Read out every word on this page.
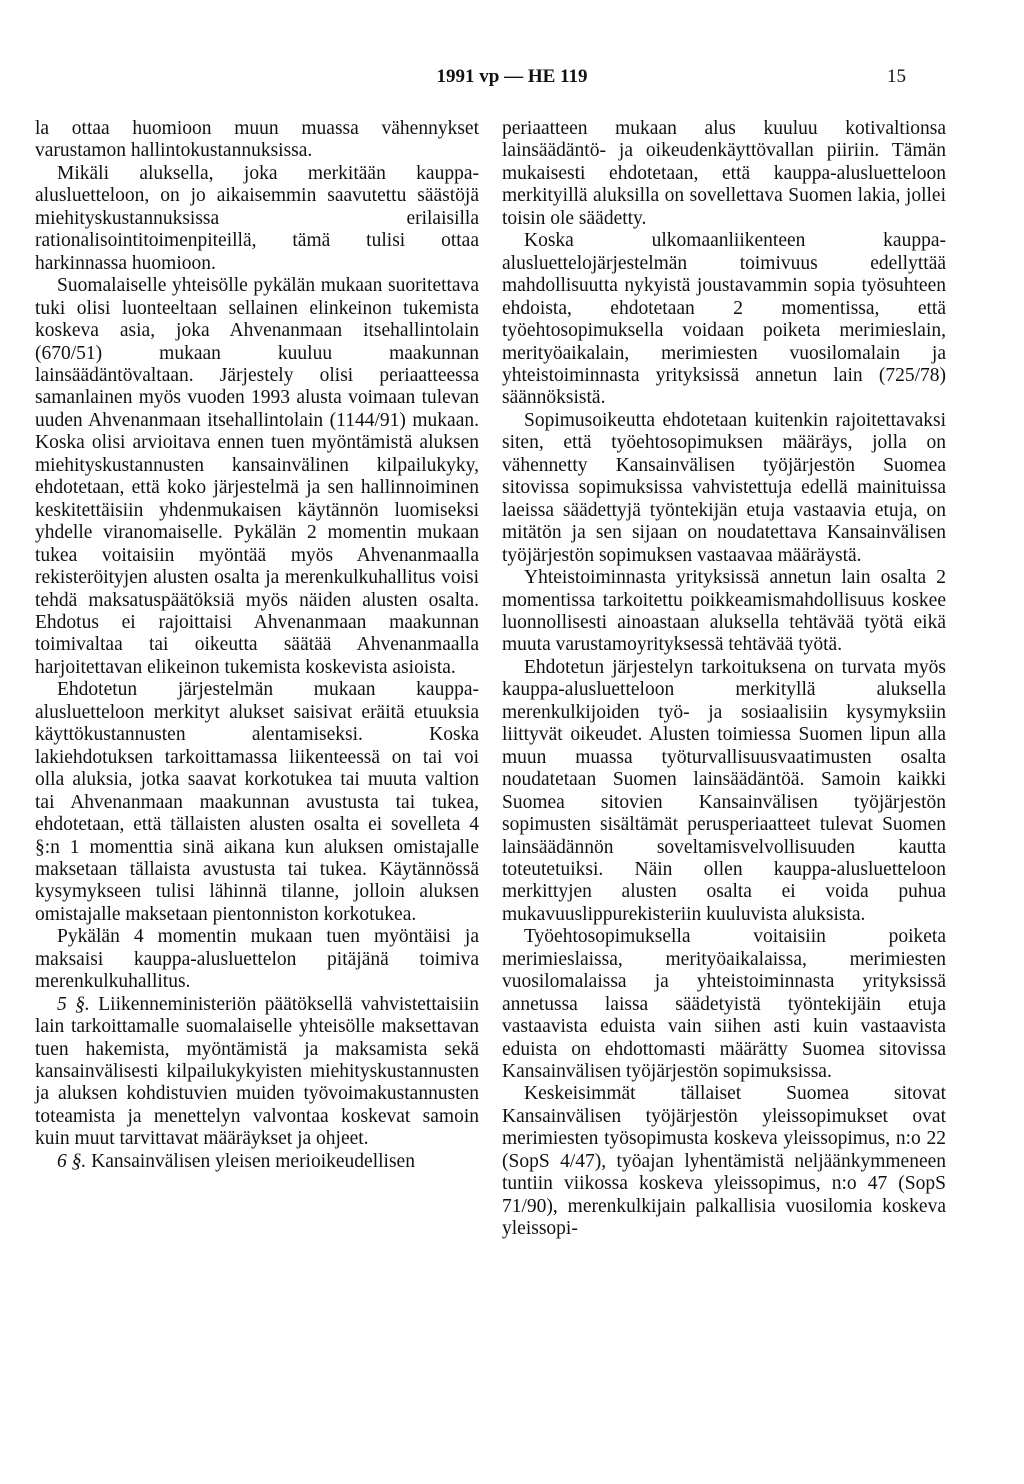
1991 vp — HE 119	15

la ottaa huomioon muun muassa vähennykset varustamon hallintokustannuksissa.

Mikäli aluksella, joka merkitään kauppa-alusluetteloon, on jo aikaisemmin saavutettu säästöjä miehityskustannuksissa erilaisilla rationalisointitoimenpiteillä, tämä tulisi ottaa harkinnassa huomioon.

Suomalaiselle yhteisölle pykälän mukaan suoritettava tuki olisi luonteeltaan sellainen elinkeinon tukemista koskeva asia, joka Ahvenanmaan itsehallintolain (670/51) mukaan kuuluu maakunnan lainsäädäntövaltaan. Järjestely olisi periaatteessa samanlainen myös vuoden 1993 alusta voimaan tulevan uuden Ahvenanmaan itsehallintolain (1144/91) mukaan. Koska olisi arvioitava ennen tuen myöntämistä aluksen miehityskustannusten kansainvälinen kilpailukyky, ehdotetaan, että koko järjestelmä ja sen hallinnoiminen keskitettäisiin yhdenmukaisen käytännön luomiseksi yhdelle viranomaiselle. Pykälän 2 momentin mukaan tukea voitaisiin myöntää myös Ahvenanmaalla rekisteröityjen alusten osalta ja merenkulkuhallitus voisi tehdä maksatuspäätöksiä myös näiden alusten osalta. Ehdotus ei rajoittaisi Ahvenanmaan maakunnan toimivaltaa tai oikeutta säätää Ahvenanmaalla harjoitettavan elikeinon tukemista koskevista asioista.

Ehdotetun järjestelmän mukaan kauppa-alusluetteloon merkityt alukset saisivat eräitä etuuksia käyttökustannusten alentamiseksi. Koska lakiehdotuksen tarkoittamassa liikenteessä on tai voi olla aluksia, jotka saavat korkotukea tai muuta valtion tai Ahvenanmaan maakunnan avustusta tai tukea, ehdotetaan, että tällaisten alusten osalta ei sovelleta 4 §:n 1 momenttia sinä aikana kun aluksen omistajalle maksetaan tällaista avustusta tai tukea. Käytännössä kysymykseen tulisi lähinnä tilanne, jolloin aluksen omistajalle maksetaan pientonniston korkotukea.

Pykälän 4 momentin mukaan tuen myöntäisi ja maksaisi kauppa-alusluettelon pitäjänä toimiva merenkulkuhallitus.

5 §. Liikenneministeriön päätöksellä vahvistettaisiin lain tarkoittamalle suomalaiselle yhteisölle maksettavan tuen hakemista, myöntämistä ja maksamista sekä kansainvälisesti kilpailukykyisten miehityskustannusten ja aluksen kohdistuvien muiden työvoimakustannusten toteamista ja menettelyn valvontaa koskevat samoin kuin muut tarvittavat määräykset ja ohjeet.

6 §. Kansainvälisen yleisen merioikeudellisen

periaatteen mukaan alus kuuluu kotivaltionsa lainsäädäntö- ja oikeudenkäyttövallan piiriin. Tämän mukaisesti ehdotetaan, että kauppa-alusluetteloon merkityillä aluksilla on sovellettava Suomen lakia, jollei toisin ole säädetty.

Koska ulkomaanliikenteen kauppa-alusluettelojärjestelmän toimivuus edellyttää mahdollisuutta nykyistä joustavammin sopia työsuhteen ehdoista, ehdotetaan 2 momentissa, että työehtosopimuksella voidaan poiketa merimieslain, merityöaikalain, merimiesten vuosilomalain ja yhteistoiminnasta yrityksissä annetun lain (725/78) säännöksistä.

Sopimusoikeutta ehdotetaan kuitenkin rajoitettavaksi siten, että työehtosopimuksen määräys, jolla on vähennetty Kansainvälisen työjärjestön Suomea sitovissa sopimuksissa vahvistettuja edellä mainituissa laeissa säädettyjä työntekijän etuja vastaavia etuja, on mitätön ja sen sijaan on noudatettava Kansainvälisen työjärjestön sopimuksen vastaavaa määräystä.

Yhteistoiminnasta yrityksissä annetun lain osalta 2 momentissa tarkoitettu poikkeamismahdollisuus koskee luonnollisesti ainoastaan aluksella tehtävää työtä eikä muuta varustamoyrityksessä tehtävää työtä.

Ehdotetun järjestelyn tarkoituksena on turvata myös kauppa-alusluetteloon merkityllä aluksella merenkulkijoiden työ- ja sosiaalisiin kysymyksiin liittyvät oikeudet. Alusten toimiessa Suomen lipun alla muun muassa työturvallisuusvaatimusten osalta noudatetaan Suomen lainsäädäntöä. Samoin kaikki Suomea sitovien Kansainvälisen työjärjestön sopimusten sisältämät perusperiaatteet tulevat Suomen lainsäädännön soveltamisvelvollisuuden kautta toteutetuiksi. Näin ollen kauppa-alusluetteloon merkittyjen alusten osalta ei voida puhua mukavuuslippurekisteriin kuuluvista aluksista.

Työehtosopimuksella voitaisiin poiketa merimieslaissa, merityöaikalaissa, merimiesten vuosilomalaissa ja yhteistoiminnasta yrityksissä annetussa laissa säädetyistä työntekijäin etuja vastaavista eduista vain siihen asti kuin vastaavista eduista on ehdottomasti määrätty Suomea sitovissa Kansainvälisen työjärjestön sopimuksissa.

Keskeisimmät tällaiset Suomea sitovat Kansainvälisen työjärjestön yleissopimukset ovat merimiesten työsopimusta koskeva yleissopimus, n:o 22 (SopS 4/47), työajan lyhentämistä neljäänkymmeneen tuntiin viikossa koskeva yleissopimus, n:o 47 (SopS 71/90), merenkulkijain palkallisia vuosilomia koskeva yleissopi-
